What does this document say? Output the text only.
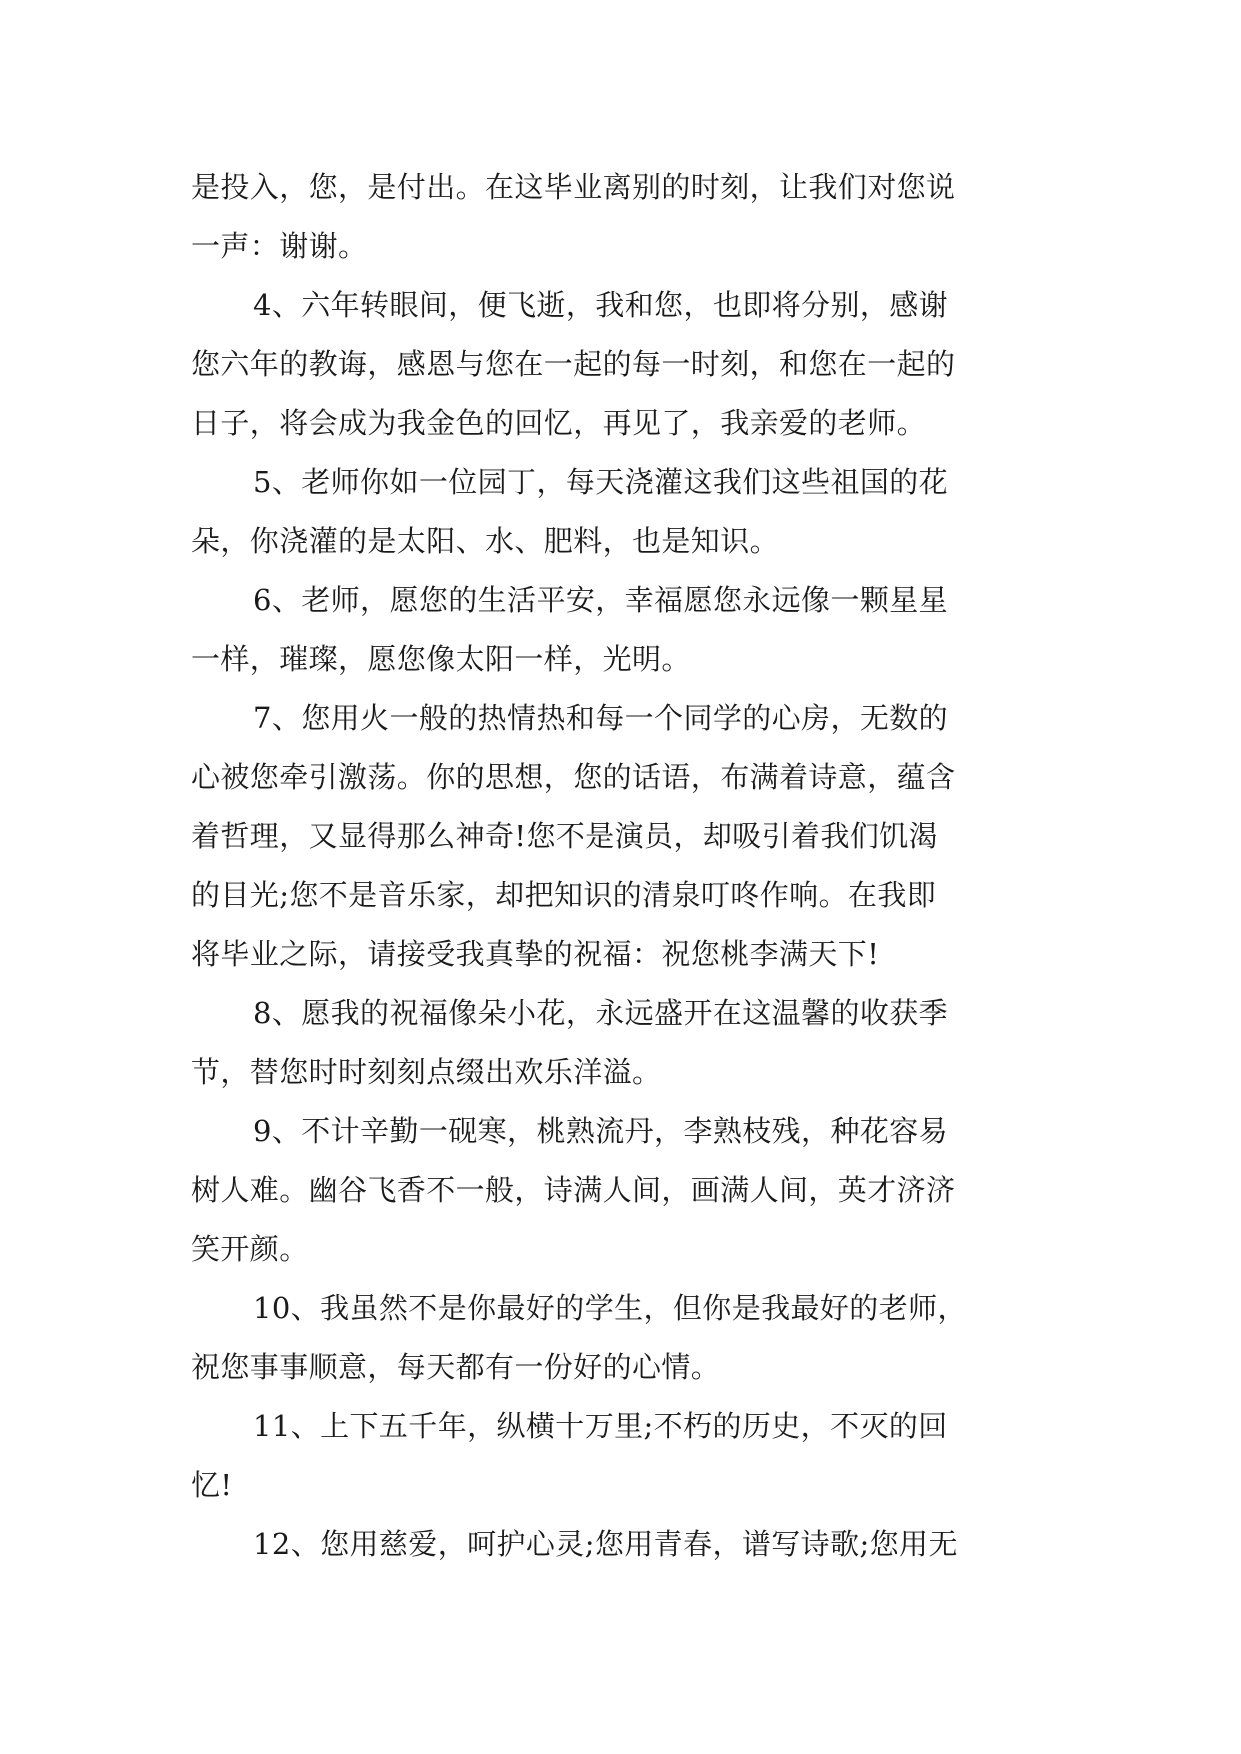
是投入，您，是付出。在这毕业离别的时刻，让我们对您说
一声：谢谢。
4、六年转眼间，便飞逝，我和您，也即将分别，感谢
您六年的教诲，感恩与您在一起的每一时刻，和您在一起的
日子，将会成为我金色的回忆，再见了，我亲爱的老师。
5、老师你如一位园丁，每天浇灌这我们这些祖国的花
朵，你浇灌的是太阳、水、肥料，也是知识。
6、老师，愿您的生活平安，幸福愿您永远像一颗星星
一样，璀璨，愿您像太阳一样，光明。
7、您用火一般的热情热和每一个同学的心房，无数的
心被您牵引激荡。你的思想，您的话语，布满着诗意，蕴含
着哲理，又显得那么神奇!您不是演员，却吸引着我们饥渴
的目光;您不是音乐家，却把知识的清泉叮咚作响。在我即
将毕业之际，请接受我真挚的祝福：祝您桃李满天下!
8、愿我的祝福像朵小花，永远盛开在这温馨的收获季
节，替您时时刻刻点缀出欢乐洋溢。
9、不计辛勤一砚寒，桃熟流丹，李熟枝残，种花容易
树人难。幽谷飞香不一般，诗满人间，画满人间，英才济济
笑开颜。
10、我虽然不是你最好的学生，但你是我最好的老师，
祝您事事顺意，每天都有一份好的心情。
11、上下五千年，纵横十万里;不朽的历史，不灭的回
忆!
12、您用慈爱，呵护心灵;您用青春，谱写诗歌;您用无
